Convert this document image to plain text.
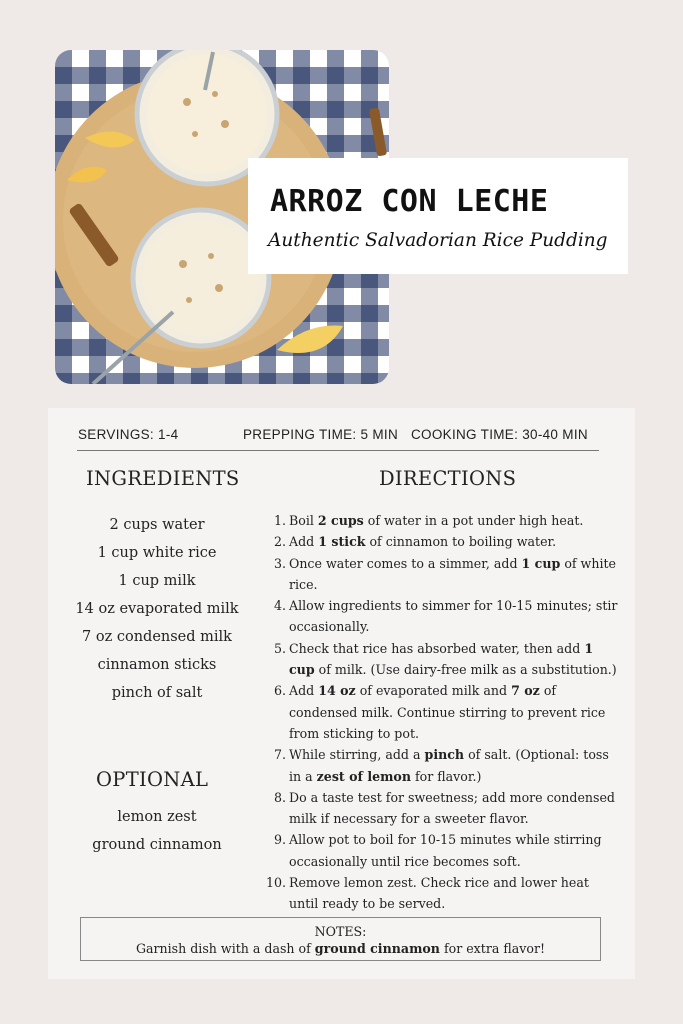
ARROZ CON LECHE
Authentic Salvadorian Rice Pudding
SERVINGS: 1-4	PREPPING TIME: 5 MIN COOKING TIME: 30-40 MIN
INGREDIENTS	DIRECTIONS
2 cups water
1 cup white rice
1 cup milk
14 oz evaporated milk
7 oz condensed milk
cinnamon sticks
pinch of salt
OPTIONAL
lemon zest
ground cinnamon
1. Boil 2 cups of water in a pot under high heat.
2. Add 1 stick of cinnamon to boiling water.
3. Once water comes to a simmer, add 1 cup of white rice.
4. Allow ingredients to simmer for 10-15 minutes; stir occasionally.
5. Check that rice has absorbed water, then add 1 cup of milk. (Use dairy-free milk as a substitution.)
6. Add 14 oz of evaporated milk and 7 oz of condensed milk. Continue stirring to prevent rice from sticking to pot.
7. While stirring, add a pinch of salt. (Optional: toss in a zest of lemon for flavor.)
8. Do a taste test for sweetness; add more condensed milk if necessary for a sweeter flavor.
9. Allow pot to boil for 10-15 minutes while stirring occasionally until rice becomes soft.
10. Remove lemon zest. Check rice and lower heat until ready to be served.
NOTES:
Garnish dish with a dash of ground cinnamon for extra flavor!
